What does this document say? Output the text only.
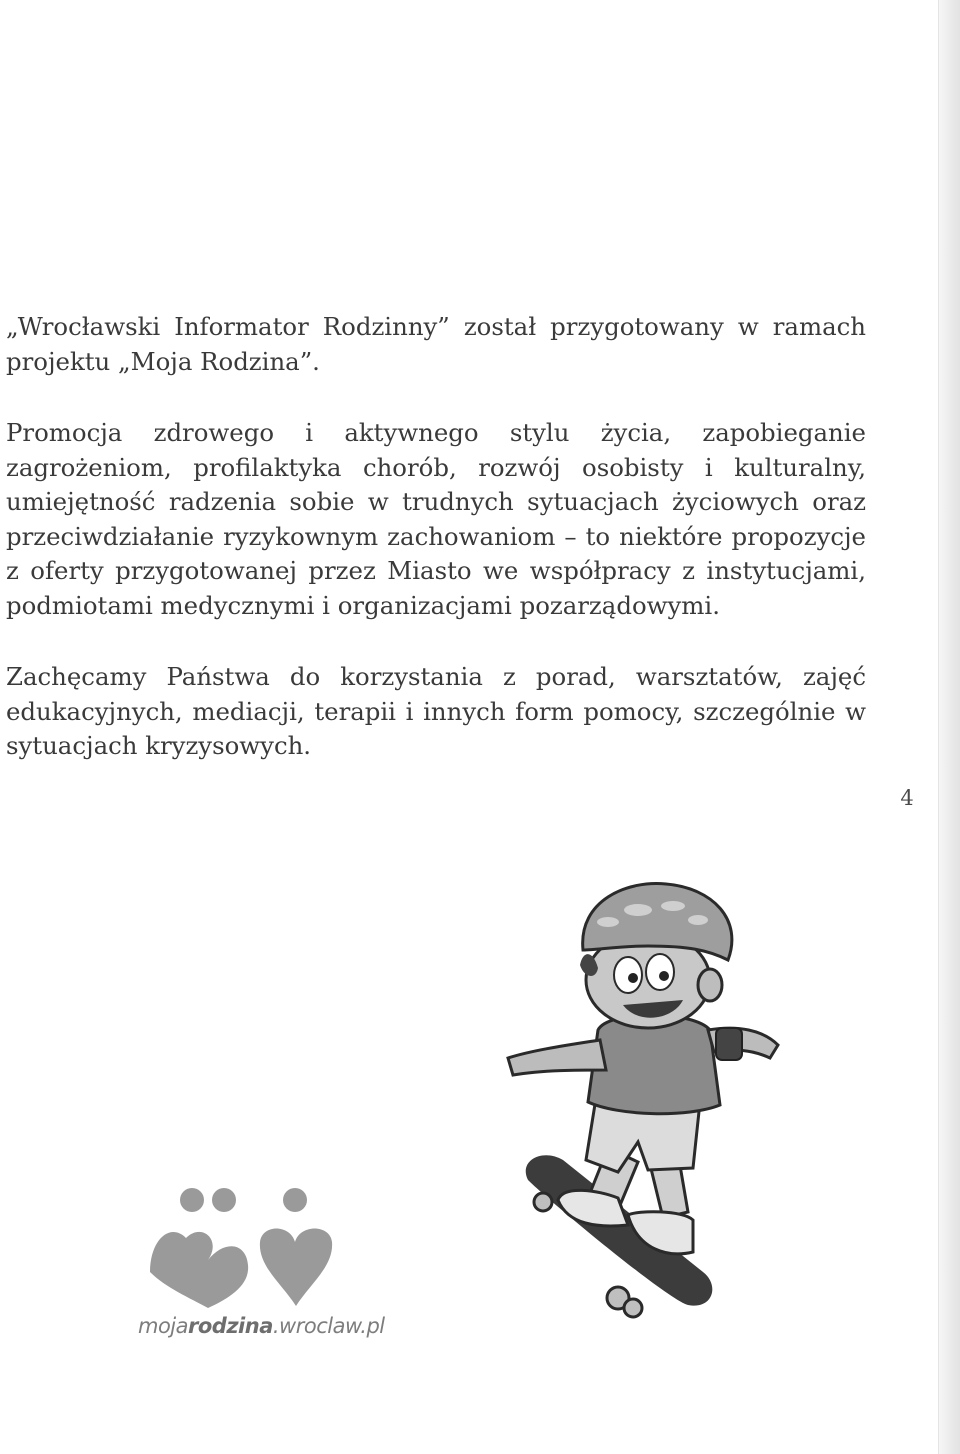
4

„Wrocławski Informator Rodzinny” został przygotowany w ramach projektu „Moja Rodzina”.

Promocja zdrowego i aktywnego stylu życia, zapobieganie zagrożeniom, profilaktyka chorób, rozwój osobisty i kulturalny, umiejętność radzenia sobie w trudnych sytuacjach życiowych oraz przeciwdziałanie ryzykownym zachowaniom – to niektóre propozycje z oferty przygotowanej przez Miasto we współpracy z instytucjami, podmiotami medycznymi i organizacjami pozarządowymi.

Zachęcamy Państwa do korzystania z porad, warsztatów, zajęć edukacyjnych, mediacji, terapii i innych form pomocy, szczególnie w sytuacjach kryzysowych.

mojarodzina.wroclaw.pl
